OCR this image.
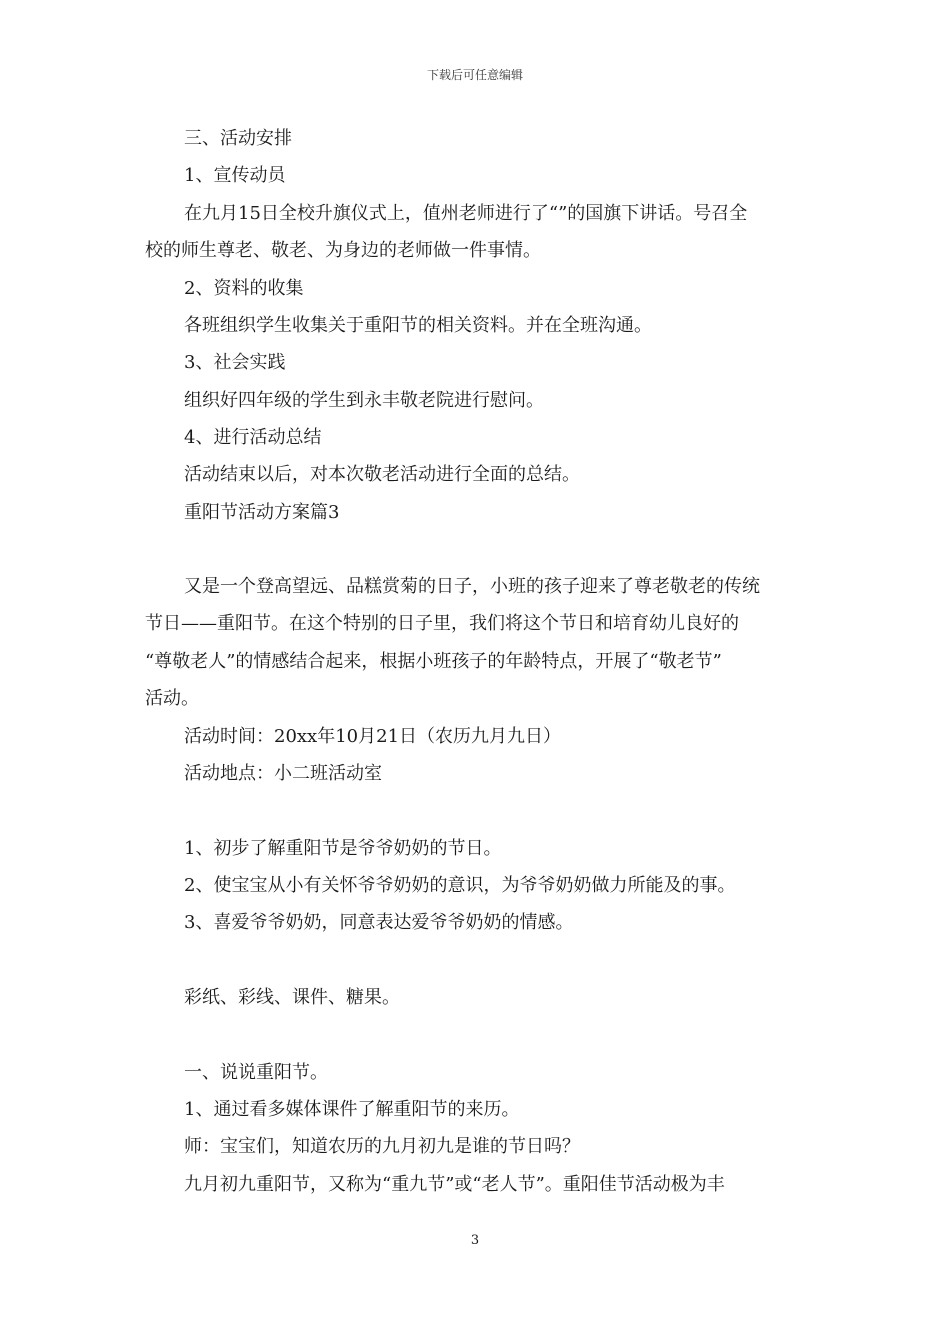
下载后可任意编辑
三、活动安排
1、宣传动员
在九月15日全校升旗仪式上，值州老师进行了“”的国旗下讲话。号召全
校的师生尊老、敬老、为身边的老师做一件事情。
2、资料的收集
各班组织学生收集关于重阳节的相关资料。并在全班沟通。
3、社会实践
组织好四年级的学生到永丰敬老院进行慰问。
4、进行活动总结
活动结束以后，对本次敬老活动进行全面的总结。
重阳节活动方案篇3
又是一个登高望远、品糕赏菊的日子，小班的孩子迎来了尊老敬老的传统
节日——重阳节。在这个特别的日子里，我们将这个节日和培育幼儿良好的
“尊敬老人”的情感结合起来，根据小班孩子的年龄特点，开展了“敬老节”
活动。
活动时间：20xx年10月21日（农历九月九日）
活动地点：小二班活动室
1、初步了解重阳节是爷爷奶奶的节日。
2、使宝宝从小有关怀爷爷奶奶的意识，为爷爷奶奶做力所能及的事。
3、喜爱爷爷奶奶，同意表达爱爷爷奶奶的情感。
彩纸、彩线、课件、糖果。
一、说说重阳节。
1、通过看多媒体课件了解重阳节的来历。
师：宝宝们，知道农历的九月初九是谁的节日吗？
九月初九重阳节，又称为“重九节”或“老人节”。重阳佳节活动极为丰
3
